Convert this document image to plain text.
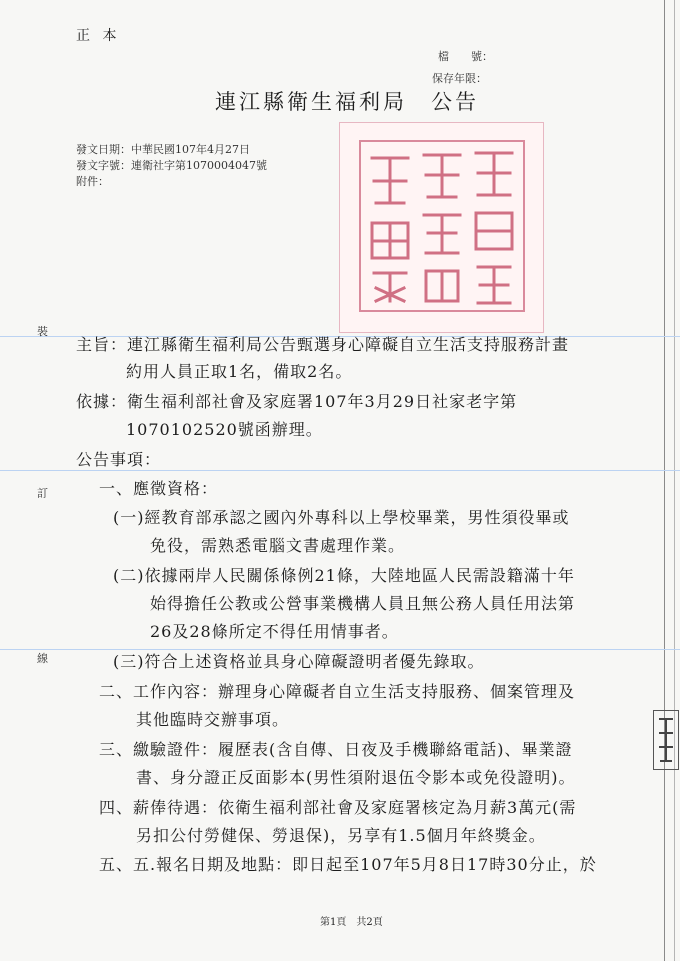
正 本
檔　　號：
保存年限：
連江縣衛生福利局　公告
發文日期：中華民國107年4月27日
發文字號：連衛社字第1070004047號
附件：
裝
訂
線
主旨：連江縣衛生福利局公告甄選身心障礙自立生活支持服務計畫
約用人員正取1名，備取2名。
依據：衛生福利部社會及家庭署107年3月29日社家老字第
1070102520號函辦理。
公告事項：
一、應徵資格：
(一)經教育部承認之國內外專科以上學校畢業，男性須役畢或
免役，需熟悉電腦文書處理作業。
(二)依據兩岸人民關係條例21條，大陸地區人民需設籍滿十年
始得擔任公教或公營事業機構人員且無公務人員任用法第
26及28條所定不得任用情事者。
(三)符合上述資格並具身心障礙證明者優先錄取。
二、工作內容：辦理身心障礙者自立生活支持服務、個案管理及
其他臨時交辦事項。
三、繳驗證件：履歷表(含自傳、日夜及手機聯絡電話)、畢業證
書、身分證正反面影本(男性須附退伍令影本或免役證明)。
四、薪俸待遇：依衛生福利部社會及家庭署核定為月薪3萬元(需
另扣公付勞健保、勞退保)，另享有1.5個月年終獎金。
五、五.報名日期及地點：即日起至107年5月8日17時30分止，於
第1頁　共2頁
